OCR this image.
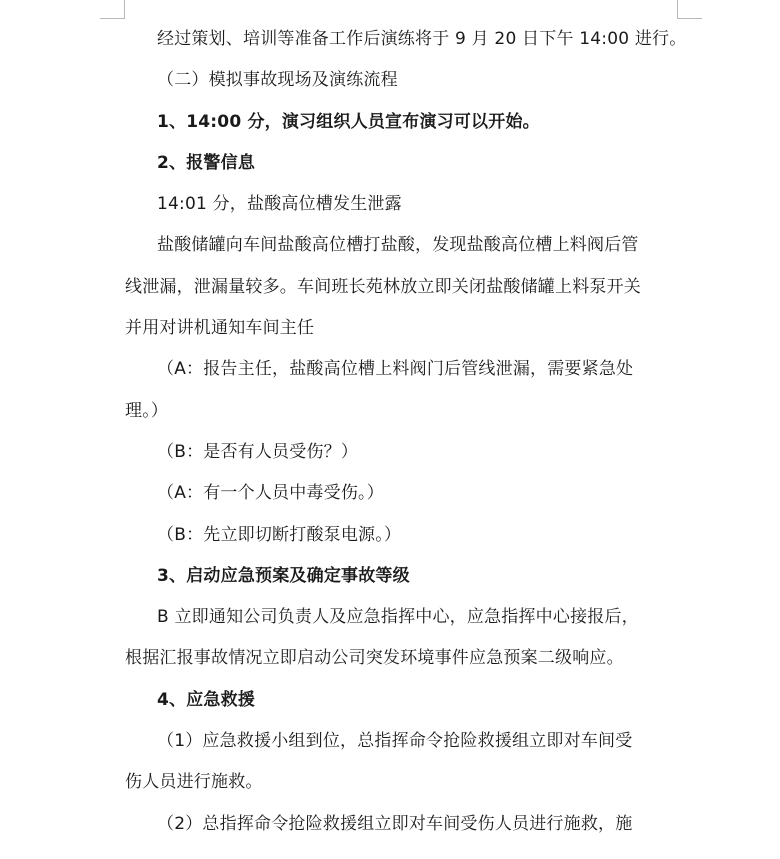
经过策划、培训等准备工作后演练将于 9 月 20 日下午 14:00 进行。
（二）模拟事故现场及演练流程
1、14:00 分，演习组织人员宣布演习可以开始。
2、报警信息
14:01 分，盐酸高位槽发生泄露
盐酸储罐向车间盐酸高位槽打盐酸，发现盐酸高位槽上料阀后管
线泄漏，泄漏量较多。车间班长苑林放立即关闭盐酸储罐上料泵开关
并用对讲机通知车间主任
（A：报告主任，盐酸高位槽上料阀门后管线泄漏，需要紧急处
理。）
（B：是否有人员受伤？）
（A：有一个人员中毒受伤。）
（B：先立即切断打酸泵电源。）
3、启动应急预案及确定事故等级
B 立即通知公司负责人及应急指挥中心，应急指挥中心接报后，
根据汇报事故情况立即启动公司突发环境事件应急预案二级响应。
4、应急救援
（1）应急救援小组到位，总指挥命令抢险救援组立即对车间受
伤人员进行施救。
（2）总指挥命令抢险救援组立即对车间受伤人员进行施救，施
